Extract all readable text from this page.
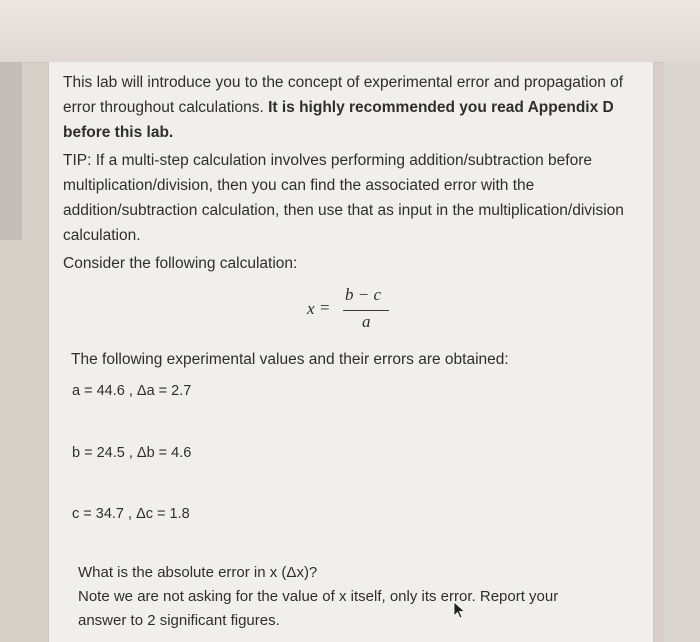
This lab will introduce you to the concept of experimental error and propagation of error throughout calculations. It is highly recommended you read Appendix D before this lab.

TIP: If a multi-step calculation involves performing addition/subtraction before multiplication/division, then you can find the associated error with the addition/subtraction calculation, then use that as input in the multiplication/division calculation.

Consider the following calculation:

x =
b − c
a
The following experimental values and their errors are obtained:
a = 44.6 , Δa = 2.7
b = 24.5 , Δb = 4.6
c = 34.7 , Δc = 1.8
What is the absolute error in x (Δx)?
Note we are not asking for the value of x itself, only its error. Report your answer to 2 significant figures.
